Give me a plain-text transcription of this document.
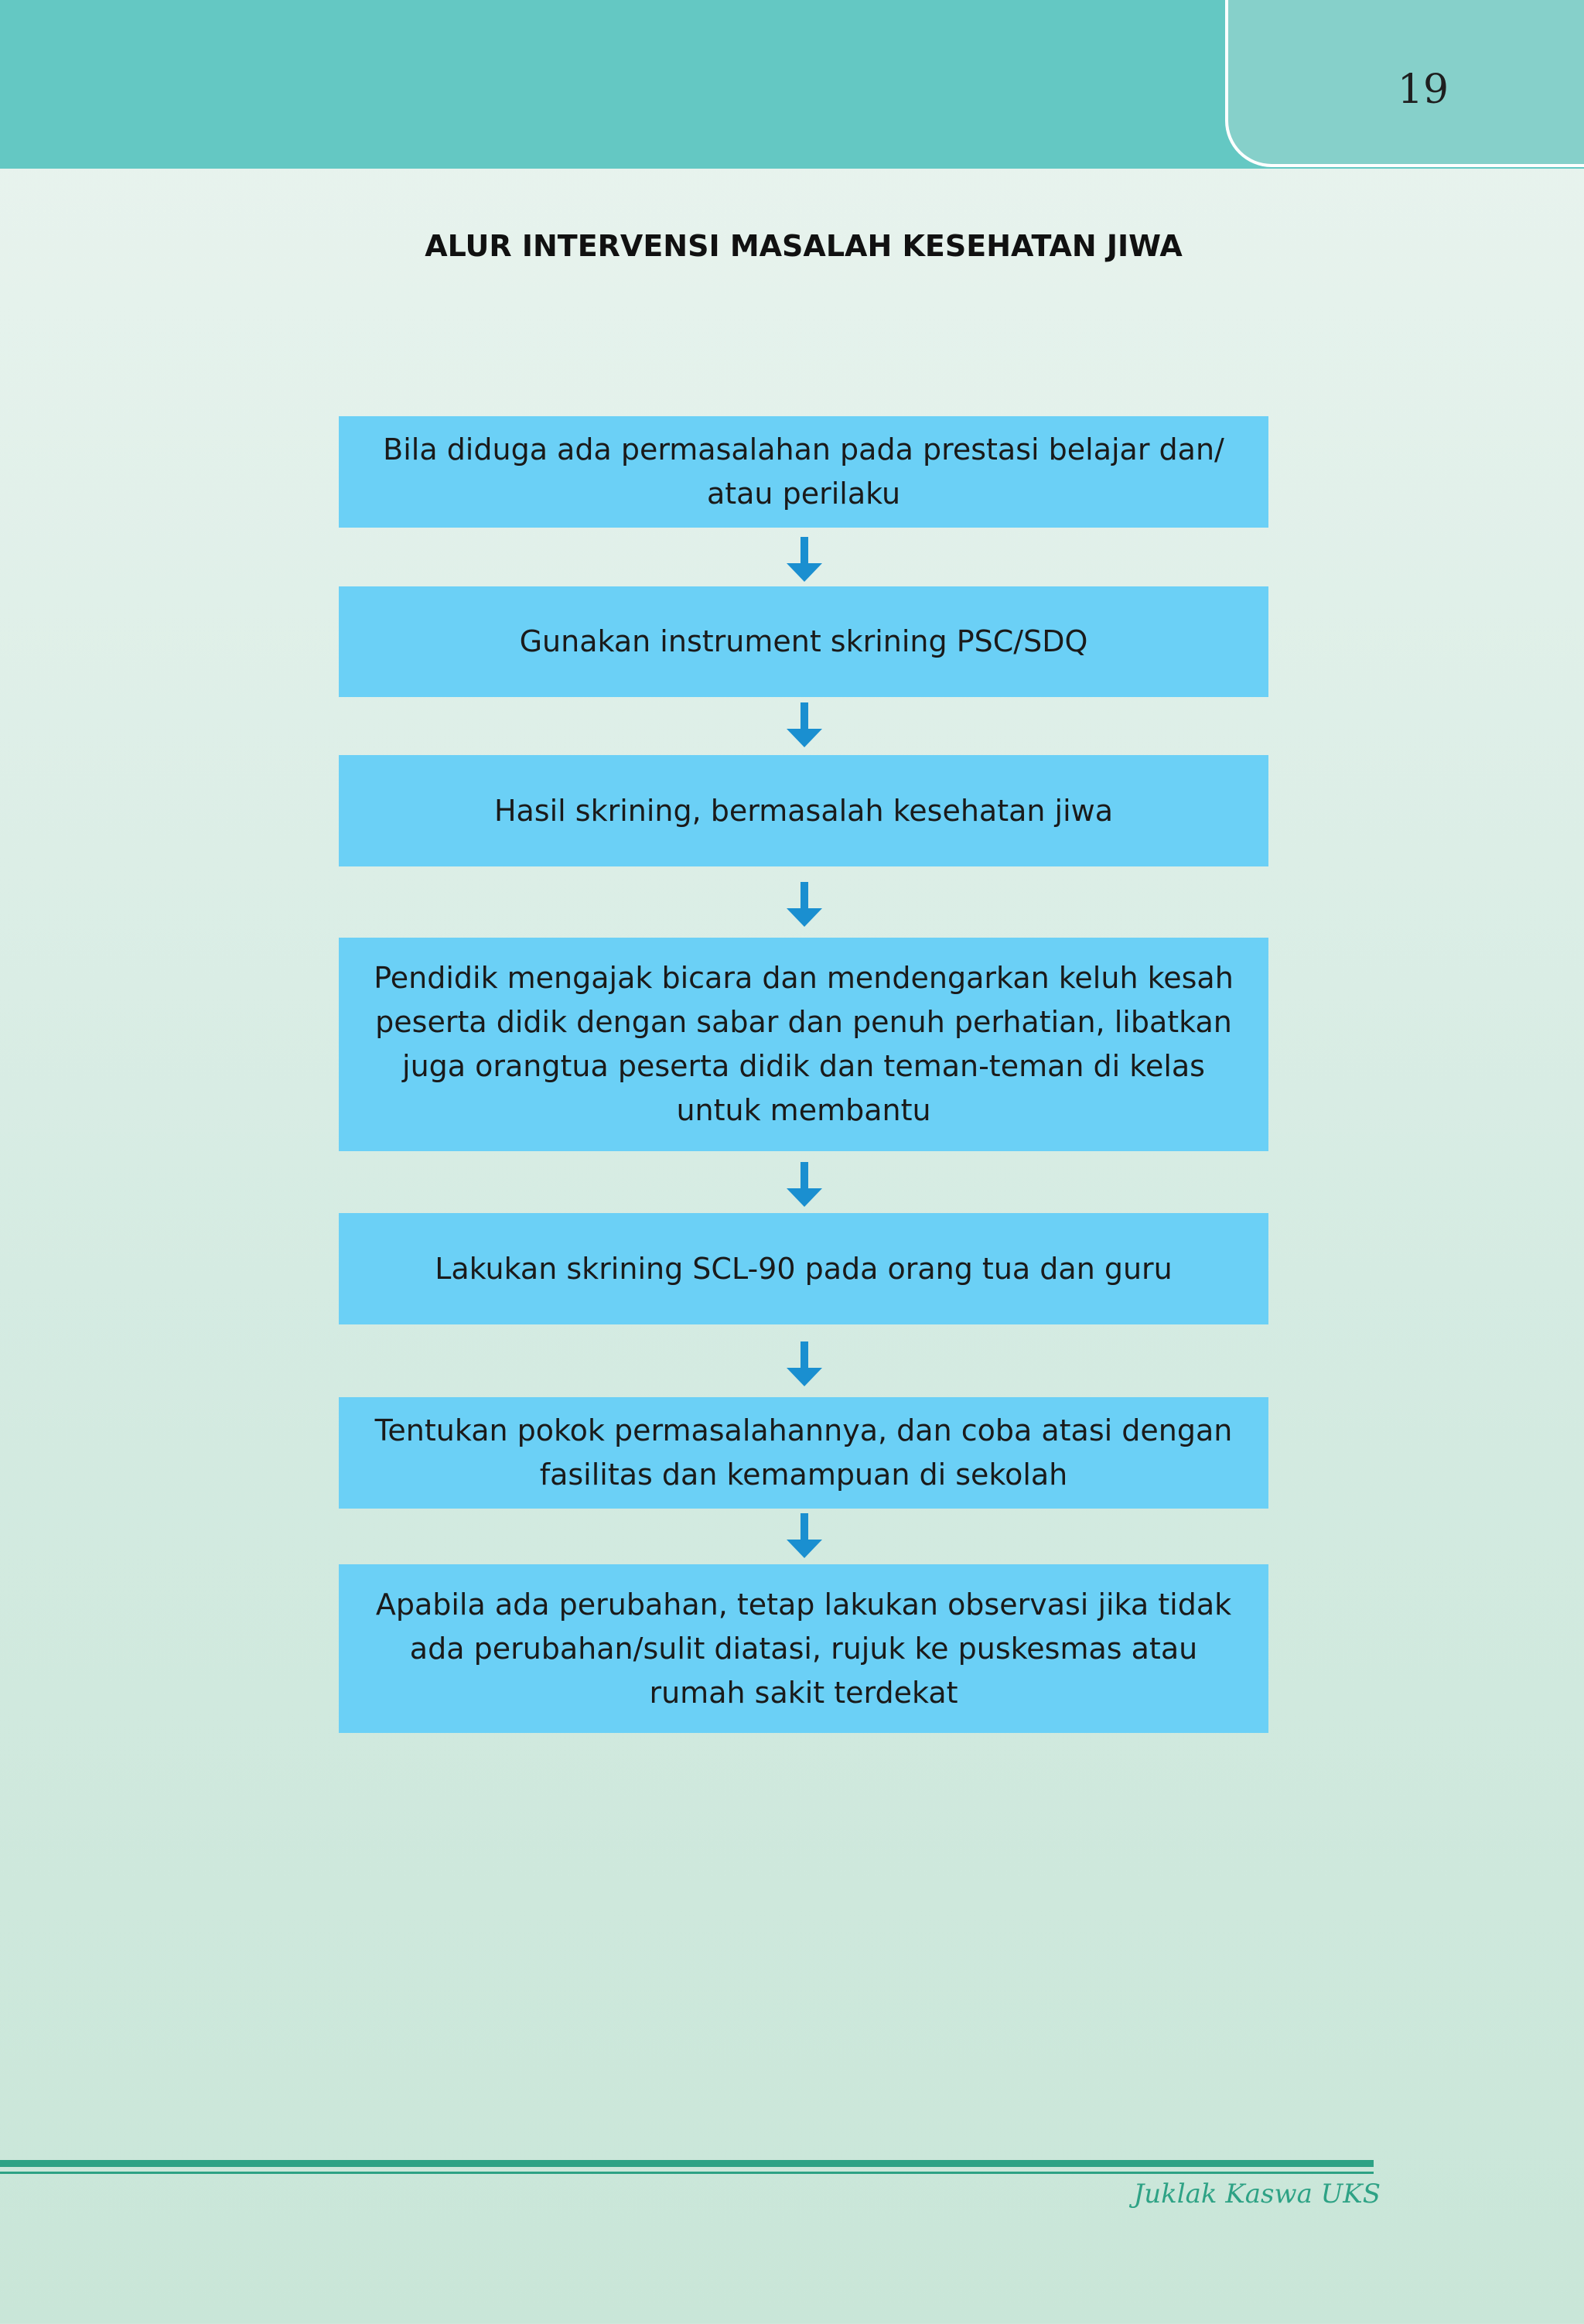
19
ALUR INTERVENSI MASALAH KESEHATAN JIWA
Bila diduga ada permasalahan pada prestasi belajar dan/ atau perilaku
Gunakan instrument skrining PSC/SDQ
Hasil skrining, bermasalah kesehatan jiwa
Pendidik mengajak bicara dan mendengarkan keluh kesah peserta didik dengan sabar dan penuh perhatian, libatkan juga orangtua peserta didik dan teman-teman di kelas untuk membantu
Lakukan skrining SCL-90 pada orang tua dan guru
Tentukan pokok permasalahannya, dan coba atasi dengan fasilitas dan kemampuan di sekolah
Apabila ada perubahan, tetap lakukan observasi jika tidak ada perubahan/sulit diatasi, rujuk ke puskesmas atau rumah sakit terdekat
Juklak Kaswa UKS
